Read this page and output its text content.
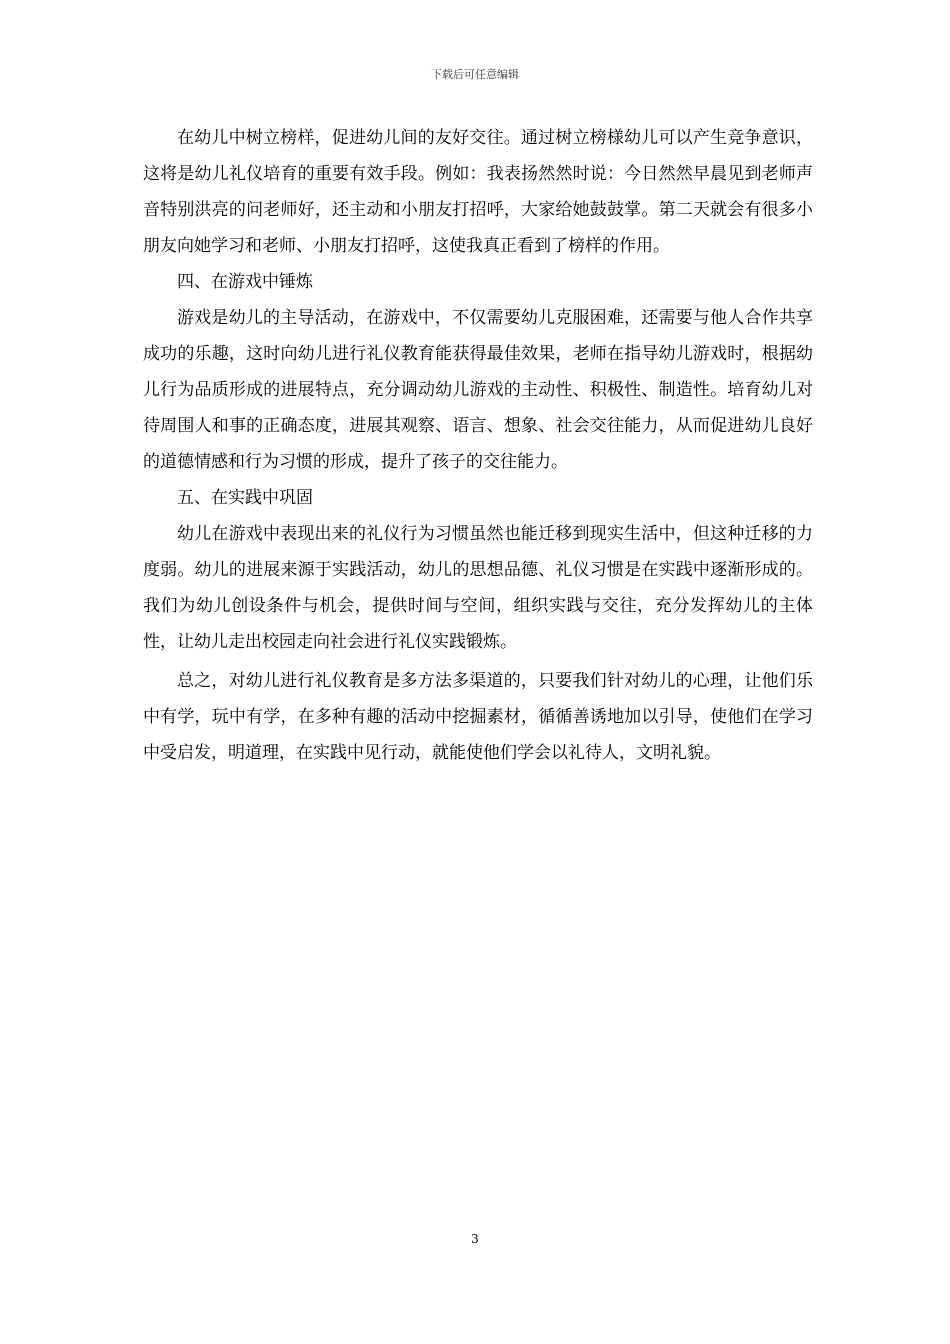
下载后可任意编辑

在幼儿中树立榜样，促进幼儿间的友好交往。通过树立榜様幼儿可以产生竞争意识，这将是幼儿礼仪培育的重要有效手段。例如：我表扬然然时说：今日然然早晨见到老师声音特别洪亮的问老师好，还主动和小朋友打招呼，大家给她鼓鼓掌。第二天就会有很多小朋友向她学习和老师、小朋友打招呼，这使我真正看到了榜样的作用。

四、在游戏中锤炼

游戏是幼儿的主导活动，在游戏中，不仅需要幼儿克服困难，还需要与他人合作共享成功的乐趣，这时向幼儿进行礼仪教育能获得最佳效果，老师在指导幼儿游戏时，根据幼儿行为品质形成的进展特点，充分调动幼儿游戏的主动性、积极性、制造性。培育幼儿对待周围人和事的正确态度，进展其观察、语言、想象、社会交往能力，从而促进幼儿良好的道德情感和行为习惯的形成，提升了孩子的交往能力。

五、在实践中巩固

幼儿在游戏中表现出来的礼仪行为习惯虽然也能迁移到现实生活中，但这种迁移的力度弱。幼儿的进展来源于实践活动，幼儿的思想品德、礼仪习惯是在实践中逐渐形成的。我们为幼儿创设条件与机会，提供时间与空间，组织实践与交往，充分发挥幼儿的主体性，让幼儿走出校园走向社会进行礼仪实践锻炼。

总之，对幼儿进行礼仪教育是多方法多渠道的，只要我们针对幼儿的心理，让他们乐中有学，玩中有学，在多种有趣的活动中挖掘素材，循循善诱地加以引导，使他们在学习中受启发，明道理，在实践中见行动，就能使他们学会以礼待人，文明礼貌。

3
